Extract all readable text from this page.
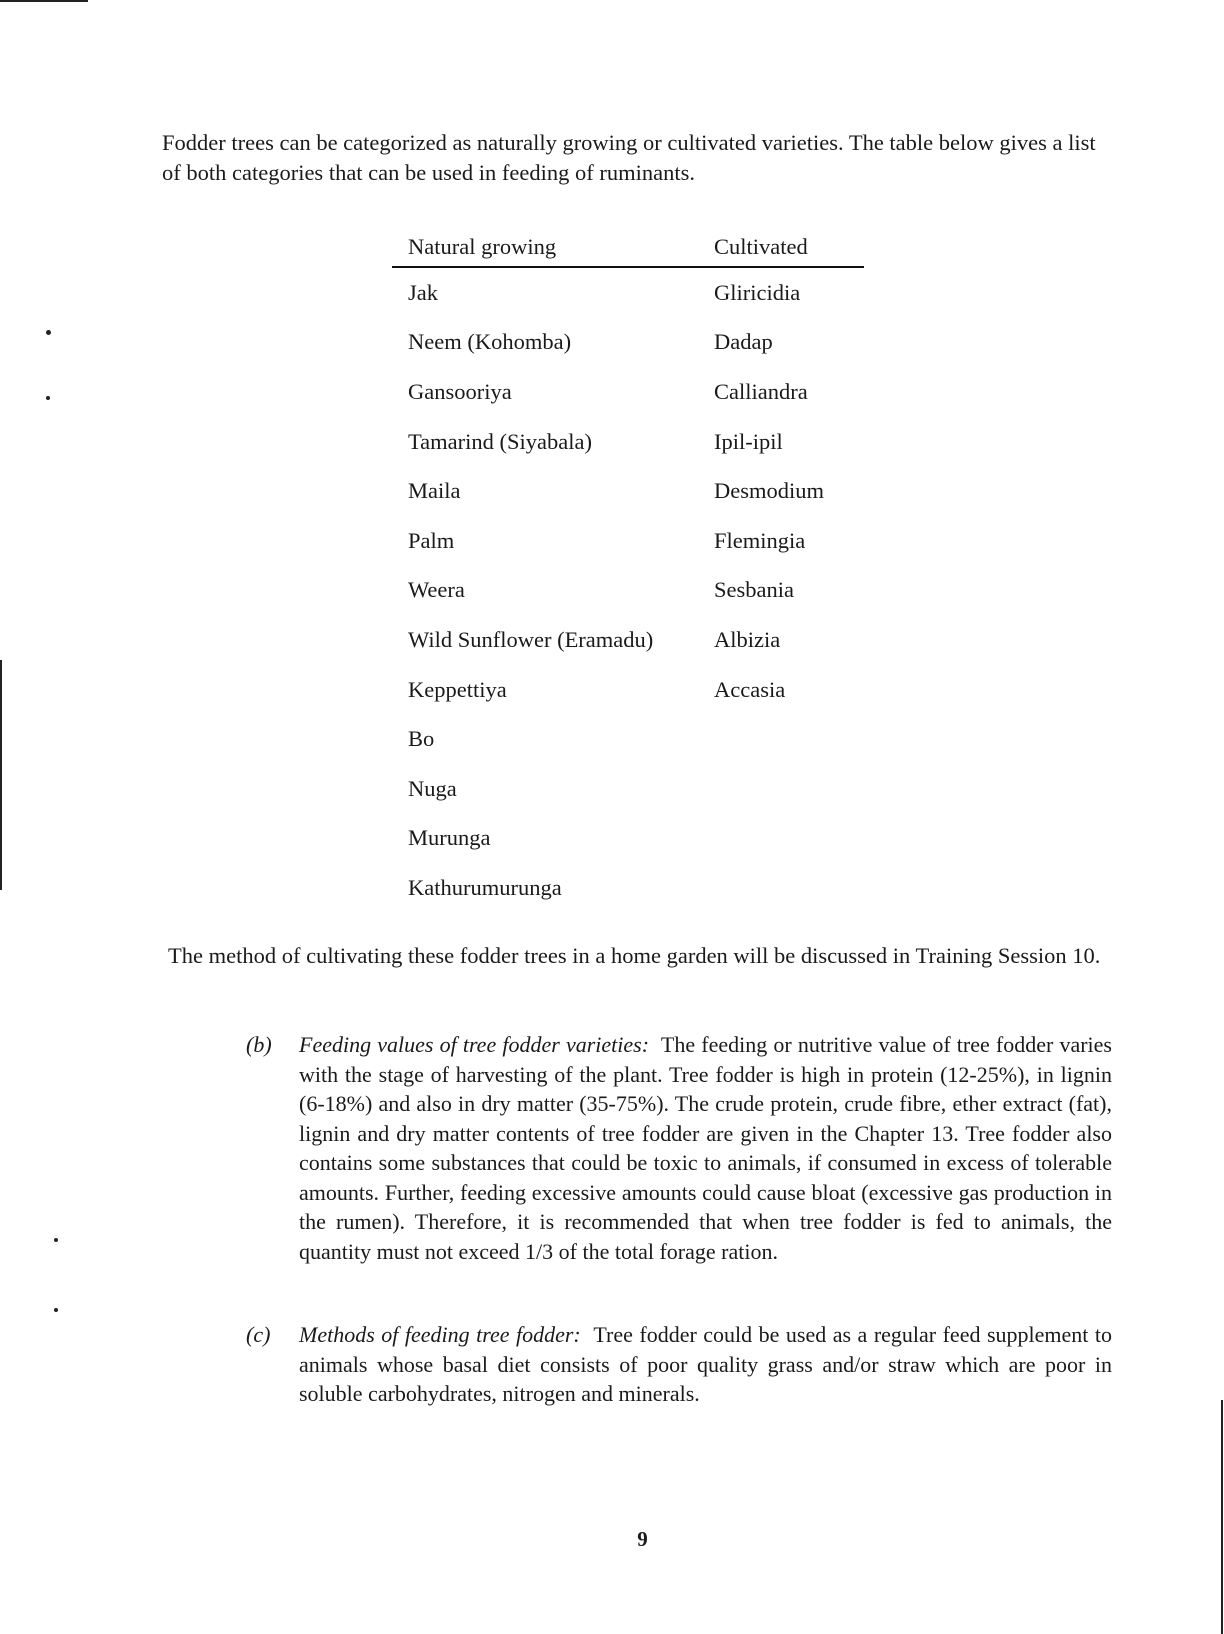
Fodder trees can be categorized as naturally growing or cultivated varieties. The table below gives a list of both categories that can be used in feeding of ruminants.

Natural growing	Cultivated
Jak	Gliricidia
Neem (Kohomba)	Dadap
Gansooriya	Calliandra
Tamarind (Siyabala)	Ipil-ipil
Maila	Desmodium
Palm	Flemingia
Weera	Sesbania
Wild Sunflower (Eramadu)	Albizia
Keppettiya	Accasia
Bo	
Nuga	
Murunga	
Kathurumurunga	

The method of cultivating these fodder trees in a home garden will be discussed in Training Session 10.

(b) Feeding values of tree fodder varieties: The feeding or nutritive value of tree fodder varies with the stage of harvesting of the plant. Tree fodder is high in protein (12-25%), in lignin (6-18%) and also in dry matter (35-75%). The crude protein, crude fibre, ether extract (fat), lignin and dry matter contents of tree fodder are given in the Chapter 13. Tree fodder also contains some substances that could be toxic to animals, if consumed in excess of tolerable amounts. Further, feeding excessive amounts could cause bloat (excessive gas production in the rumen). Therefore, it is recommended that when tree fodder is fed to animals, the quantity must not exceed 1/3 of the total forage ration.
(c) Methods of feeding tree fodder: Tree fodder could be used as a regular feed supplement to animals whose basal diet consists of poor quality grass and/or straw which are poor in soluble carbohydrates, nitrogen and minerals.
9
